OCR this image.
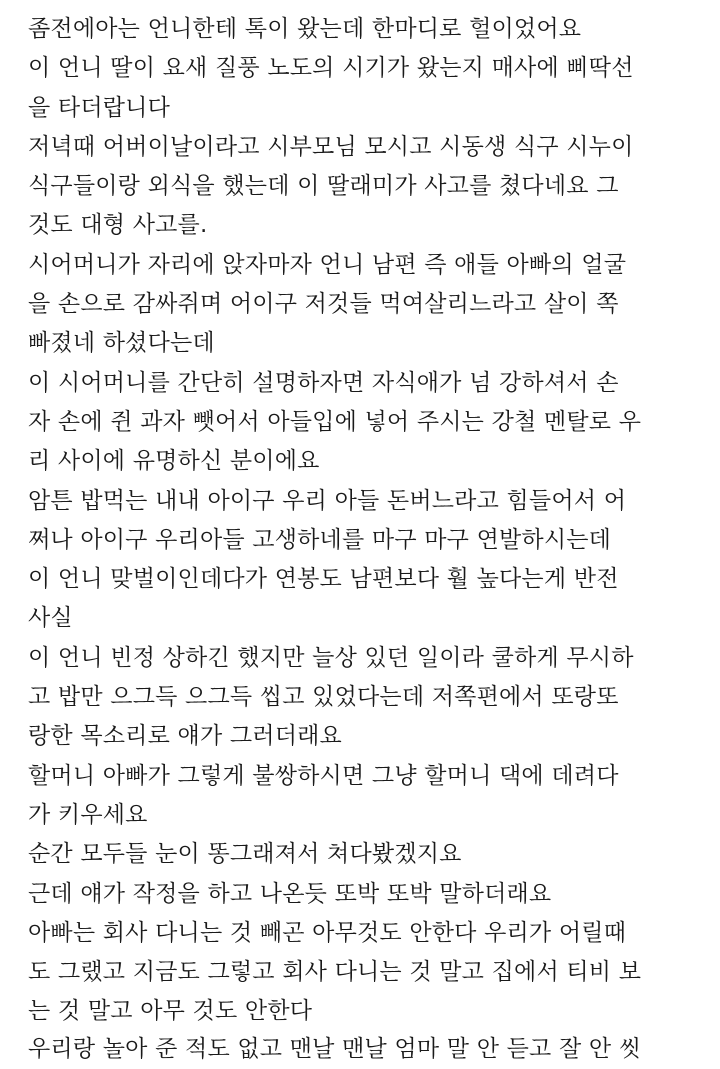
좀전에아는 언니한테 톡이 왔는데 한마디로 헐이었어요
이 언니 딸이 요새 질풍 노도의 시기가 왔는지 매사에 삐딱선
을 타더랍니다
저녁때 어버이날이라고 시부모님 모시고 시동생 식구 시누이
식구들이랑 외식을 했는데 이 딸래미가 사고를 쳤다네요 그
것도 대형 사고를.
시어머니가 자리에 앉자마자 언니 남편 즉 애들 아빠의 얼굴
을 손으로 감싸쥐며 어이구 저것들 먹여살리느라고 살이 쪽
빠졌네 하셨다는데
이 시어머니를 간단히 설명하자면 자식애가 넘 강하셔서 손
자 손에 쥔 과자 뺏어서 아들입에 넣어 주시는 강철 멘탈로 우
리 사이에 유명하신 분이에요
암튼 밥먹는 내내 아이구 우리 아들 돈버느라고 힘들어서 어
쩌나 아이구 우리아들 고생하네를 마구 마구 연발하시는데
이 언니 맞벌이인데다가 연봉도 남편보다 훨 높다는게 반전
사실
이 언니 빈정 상하긴 했지만 늘상 있던 일이라 쿨하게 무시하
고 밥만 으그득 으그득 씹고 있었다는데 저쪽편에서 또랑또
랑한 목소리로 얘가 그러더래요
할머니 아빠가 그렇게 불쌍하시면 그냥 할머니 댁에 데려다
가 키우세요
순간 모두들 눈이 똥그래져서 쳐다봤겠지요
근데 얘가 작정을 하고 나온듯 또박 또박 말하더래요
아빠는 회사 다니는 것 빼곤 아무것도 안한다 우리가 어릴때
도 그랬고 지금도 그렇고 회사 다니는 것 말고 집에서 티비 보
는 것 말고 아무 것도 안한다
우리랑 놀아 준 적도 없고 맨날 맨날 엄마 말 안 듣고 잘 안 씻
